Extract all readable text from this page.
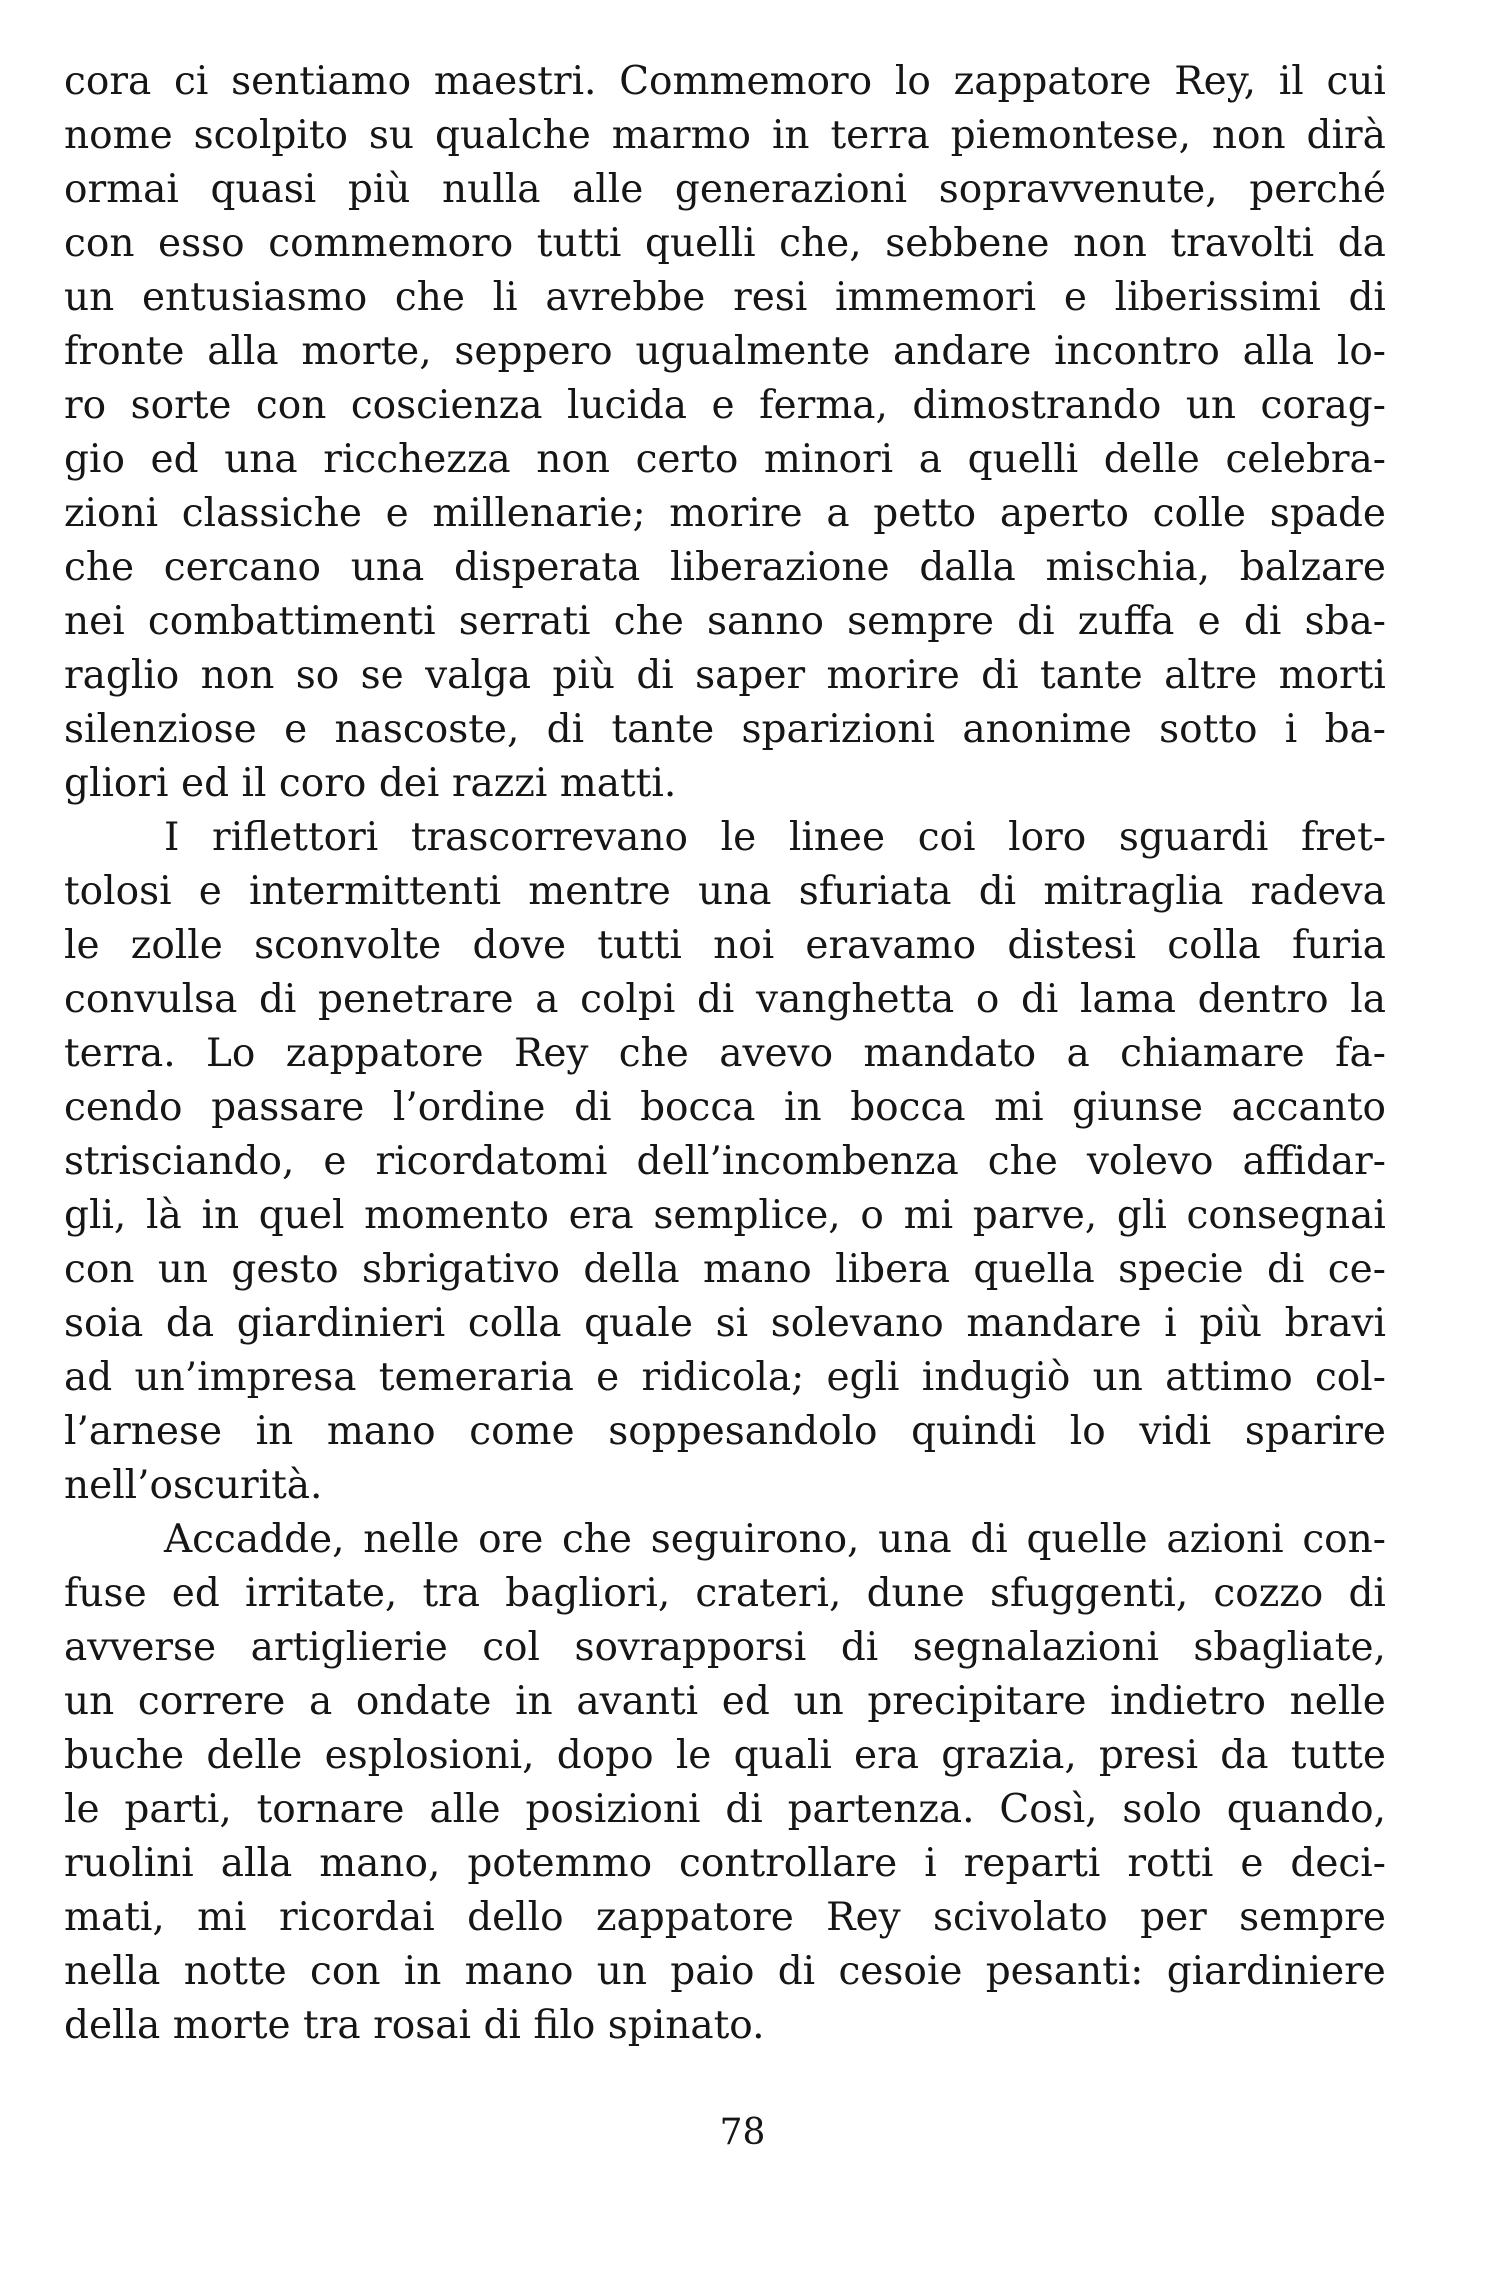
cora ci sentiamo maestri. Commemoro lo zappatore Rey, il cui
nome scolpito su qualche marmo in terra piemontese, non dirà
ormai quasi più nulla alle generazioni sopravvenute, perché
con esso commemoro tutti quelli che, sebbene non travolti da
un entusiasmo che li avrebbe resi immemori e liberissimi di
fronte alla morte, seppero ugualmente andare incontro alla lo-
ro sorte con coscienza lucida e ferma, dimostrando un corag-
gio ed una ricchezza non certo minori a quelli delle celebra-
zioni classiche e millenarie; morire a petto aperto colle spade
che cercano una disperata liberazione dalla mischia, balzare
nei combattimenti serrati che sanno sempre di zuffa e di sba-
raglio non so se valga più di saper morire di tante altre morti
silenziose e nascoste, di tante sparizioni anonime sotto i ba-
gliori ed il coro dei razzi matti.
I riflettori trascorrevano le linee coi loro sguardi fret-
tolosi e intermittenti mentre una sfuriata di mitraglia radeva
le zolle sconvolte dove tutti noi eravamo distesi colla furia
convulsa di penetrare a colpi di vanghetta o di lama dentro la
terra. Lo zappatore Rey che avevo mandato a chiamare fa-
cendo passare l’ordine di bocca in bocca mi giunse accanto
strisciando, e ricordatomi dell’incombenza che volevo affidar-
gli, là in quel momento era semplice, o mi parve, gli consegnai
con un gesto sbrigativo della mano libera quella specie di ce-
soia da giardinieri colla quale si solevano mandare i più bravi
ad un’impresa temeraria e ridicola; egli indugiò un attimo col-
l’arnese in mano come soppesandolo quindi lo vidi sparire
nell’oscurità.
Accadde, nelle ore che seguirono, una di quelle azioni con-
fuse ed irritate, tra bagliori, crateri, dune sfuggenti, cozzo di
avverse artiglierie col sovrapporsi di segnalazioni sbagliate,
un correre a ondate in avanti ed un precipitare indietro nelle
buche delle esplosioni, dopo le quali era grazia, presi da tutte
le parti, tornare alle posizioni di partenza. Così, solo quando,
ruolini alla mano, potemmo controllare i reparti rotti e deci-
mati, mi ricordai dello zappatore Rey scivolato per sempre
nella notte con in mano un paio di cesoie pesanti: giardiniere
della morte tra rosai di filo spinato.
78
